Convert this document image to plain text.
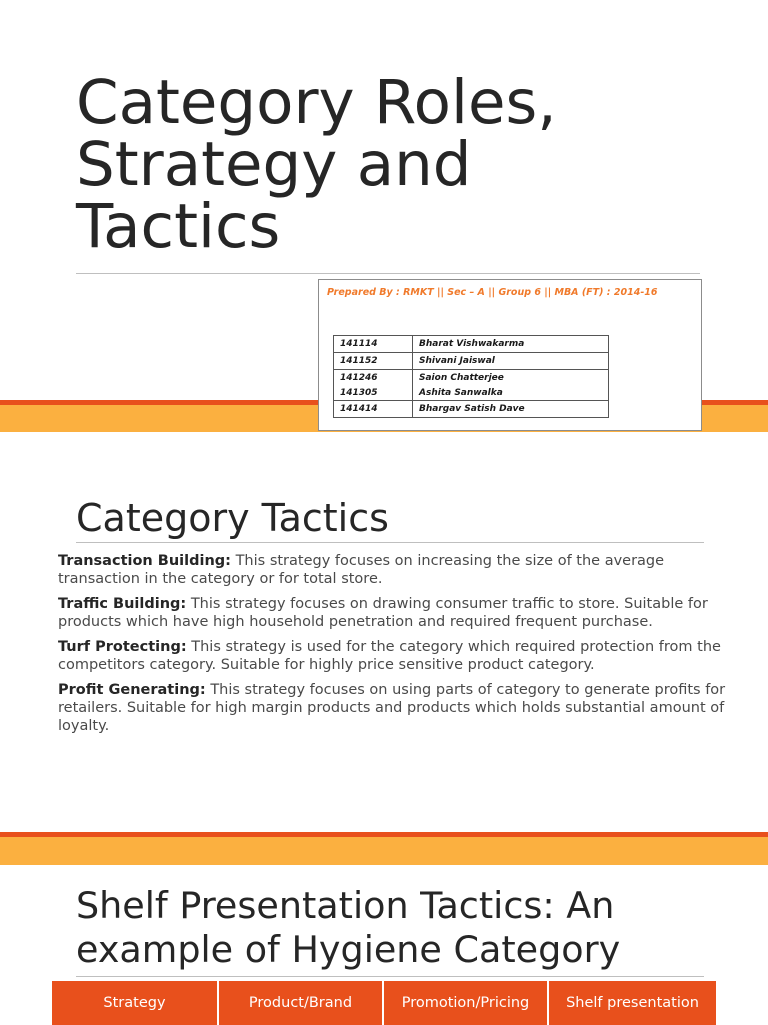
Category Roles,
Strategy and
Tactics
Prepared By : RMKT || Sec – A || Group 6 || MBA (FT) : 2014-16
141114	Bharat Vishwakarma
141152	Shivani Jaiswal
141246	Saion Chatterjee
141305	Ashita Sanwalka
141414	Bhargav Satish Dave
Category Tactics

Transaction Building: This strategy focuses on increasing the size of the average transaction in the category or for total store.

Traffic Building: This strategy focuses on drawing consumer traffic to store. Suitable for products which have high household penetration and required frequent purchase.

Turf Protecting: This strategy is used for the category which required protection from the competitors category. Suitable for highly price sensitive product category.

Profit Generating: This strategy focuses on using parts of category to generate profits for retailers. Suitable for high margin products and products which holds substantial amount of loyalty.

Shelf Presentation Tactics: An example of Hygiene Category
Strategy	Product/Brand	Promotion/Pricing	Shelf presentation
